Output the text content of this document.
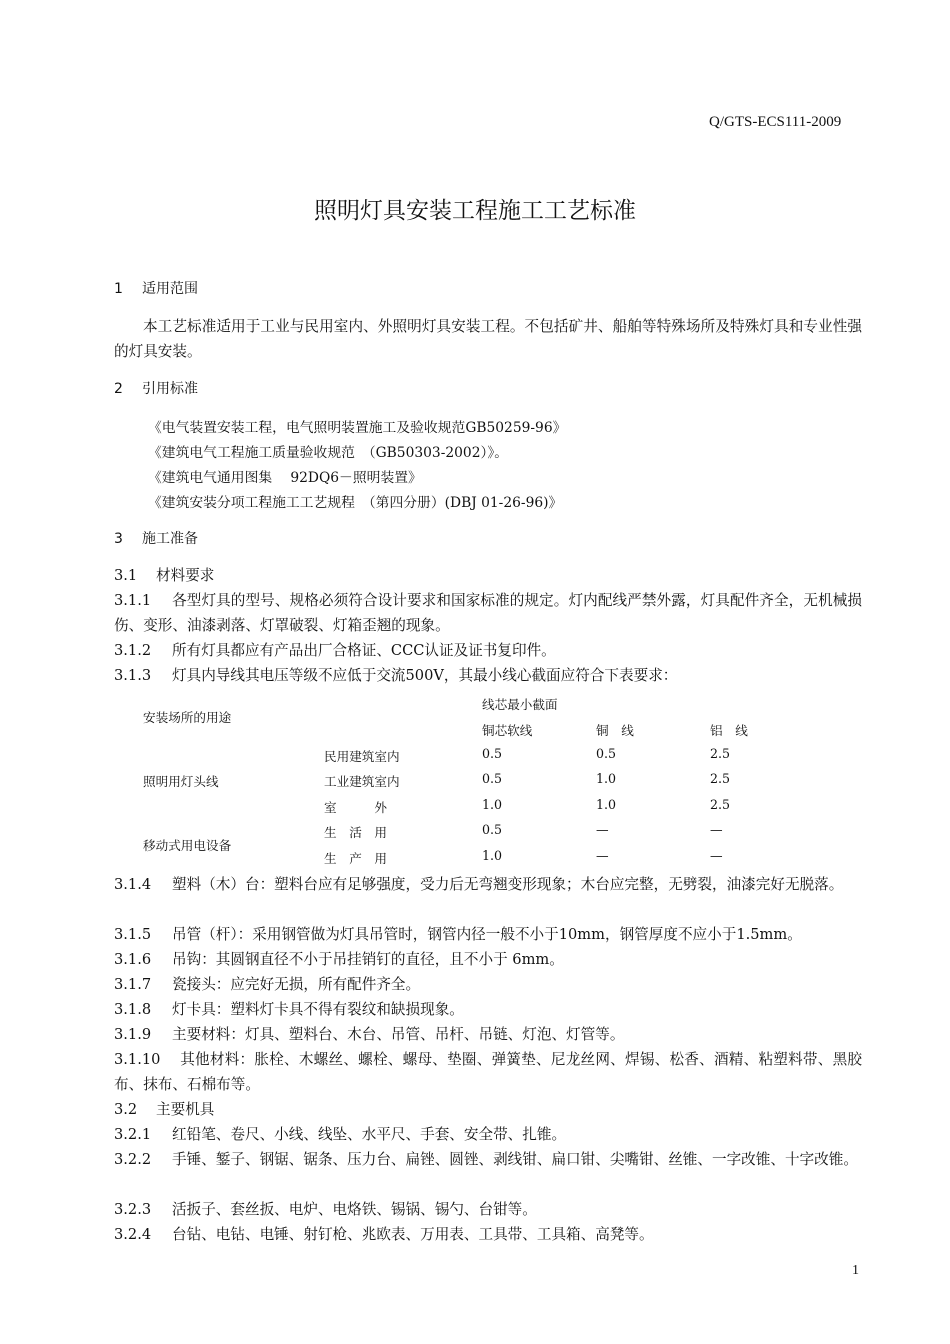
Q/GTS-ECS111-2009
照明灯具安装工程施工工艺标准
1 适用范围
本工艺标准适用于工业与民用室内、外照明灯具安装工程。不包括矿井、船舶等特殊场所及特殊灯具和专业性强的灯具安装。
2 引用标准
《电气装置安装工程，电气照明装置施工及验收规范GB50259-96》
《建筑电气工程施工质量验收规范　（GB50303-2002）》。
《建筑电气通用图集　 92DQ6－照明装置》
《建筑安装分项工程施工工艺规程　（第四分册）(DBJ 01-26-96)》
3 施工准备
3.1 材料要求
3.1.1 各型灯具的型号、规格必须符合设计要求和国家标准的规定。灯内配线严禁外露，灯具配件齐全，无机械损伤、变形、油漆剥落、灯罩破裂、灯箱歪翘的现象。
3.1.2 所有灯具都应有产品出厂合格证、CCC认证及证书复印件。
3.1.3 灯具内导线其电压等级不应低于交流500V，其最小线心截面应符合下表要求：
安装场所的用途
线芯最小截面
铜芯软线	铜　线	铝　线
照明用灯头线
民用建筑室内	0.5	0.5	2.5
工业建筑室内	0.5	1.0	2.5
室　　　外	1.0	1.0	2.5
移动式用电设备
生　活　用	0.5	—	—
生　产　用	1.0	—	—
3.1.4 塑料（木）台：塑料台应有足够强度，受力后无弯翘变形现象；木台应完整，无劈裂，油漆完好无脱落。
3.1.5 吊管（杆）：采用钢管做为灯具吊管时，钢管内径一般不小于10mm，钢管厚度不应小于1.5mm。
3.1.6 吊钩：其圆钢直径不小于吊挂销钉的直径，且不小于 6mm。
3.1.7 瓷接头：应完好无损，所有配件齐全。
3.1.8 灯卡具：塑料灯卡具不得有裂纹和缺损现象。
3.1.9 主要材料：灯具、塑料台、木台、吊管、吊杆、吊链、灯泡、灯管等。
3.1.10 其他材料：胀栓、木螺丝、螺栓、螺母、垫圈、弹簧垫、尼龙丝网、焊锡、松香、酒精、粘塑料带、黑胶布、抹布、石棉布等。
3.2 主要机具
3.2.1 红铅笔、卷尺、小线、线坠、水平尺、手套、安全带、扎锥。
3.2.2 手锤、錾子、钢锯、锯条、压力台、扁锉、圆锉、剥线钳、扁口钳、尖嘴钳、丝锥、一字改锥、十字改锥。
3.2.3 活扳子、套丝扳、电炉、电烙铁、锡锅、锡勺、台钳等。
3.2.4 台钻、电钻、电锤、射钉枪、兆欧表、万用表、工具带、工具箱、高凳等。
1
